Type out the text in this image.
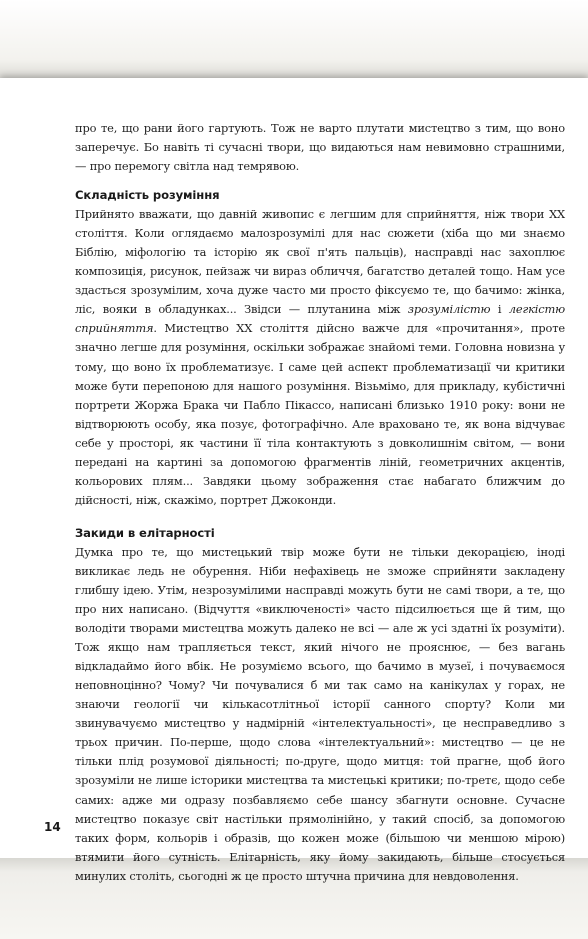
про те, що рани його гартують. Тож не варто плутати мистецтво з тим, що воно заперечує. Бо навіть ті сучасні твори, що видаються нам невимовно страшними, — про перемогу світла над темрявою.

Складність розуміння

Прийнято вважати, що давній живопис є легшим для сприйняття, ніж твори XX століття. Коли оглядаємо малозрозумілі для нас сюжети (хіба що ми знаємо Біблію, міфологію та історію як свої п'ять пальців), насправді нас захоплює композиція, рисунок, пейзаж чи вираз обличчя, багатство деталей тощо. Нам усе здасться зрозумілим, хоча дуже часто ми просто фіксуємо те, що бачимо: жінка, ліс, вояки в обладунках... Звідси — плутанина між зрозумілістю і легкістю сприйняття. Мистецтво XX століття дійсно важче для «прочитання», проте значно легше для розуміння, оскільки зображає знайомі теми. Головна новизна у тому, що воно їх проблематизує. І саме цей аспект проблематизації чи критики може бути перепоною для нашого розуміння. Візьмімо, для прикладу, кубістичні портрети Жоржа Брака чи Пабло Пікассо, написані близько 1910 року: вони не відтворюють особу, яка позує, фотографічно. Але враховано те, як вона відчуває себе у просторі, як частини її тіла контактують з довколишнім світом, — вони передані на картині за допомогою фрагментів ліній, геометричних акцентів, кольорових плям... Завдяки цьому зображення стає набагато ближчим до дійсності, ніж, скажімо, портрет Джоконди.

Закиди в елітарності

Думка про те, що мистецький твір може бути не тільки декорацією, іноді викликає ледь не обурення. Ніби нефахівець не зможе сприйняти закладену глибшу ідею. Утім, незрозумілими насправді можуть бути не самі твори, а те, що про них написано. (Відчуття «виключеності» часто підсилюється ще й тим, що володіти творами мистецтва можуть далеко не всі — але ж усі здатні їх розуміти). Тож якщо нам трапляється текст, який нічого не прояснює, — без вагань відкладаймо його вбік. Не розуміємо всього, що бачимо в музеї, і почуваємося неповноцінно? Чому? Чи почувалися б ми так само на канікулах у горах, не знаючи геології чи кількасотлітньої історії санного спорту? Коли ми звинувачуємо мистецтво у надмірній «інтелектуальності», це несправедливо з трьох причин. По-перше, щодо слова «інтелектуальний»: мистецтво — це не тільки плід розумової діяльності; по-друге, щодо митця: той прагне, щоб його зрозуміли не лише історики мистецтва та мистецькі критики; по-третє, щодо себе самих: адже ми одразу позбавляємо себе шансу збагнути основне. Сучасне мистецтво показує світ настільки прямолінійно, у такий спосіб, за допомогою таких форм, кольорів і образів, що кожен може (більшою чи меншою мірою) втямити його сутність. Елітарність, яку йому закидають, більше стосується минулих століть, сьогодні ж це просто штучна причина для невдоволення.

14
